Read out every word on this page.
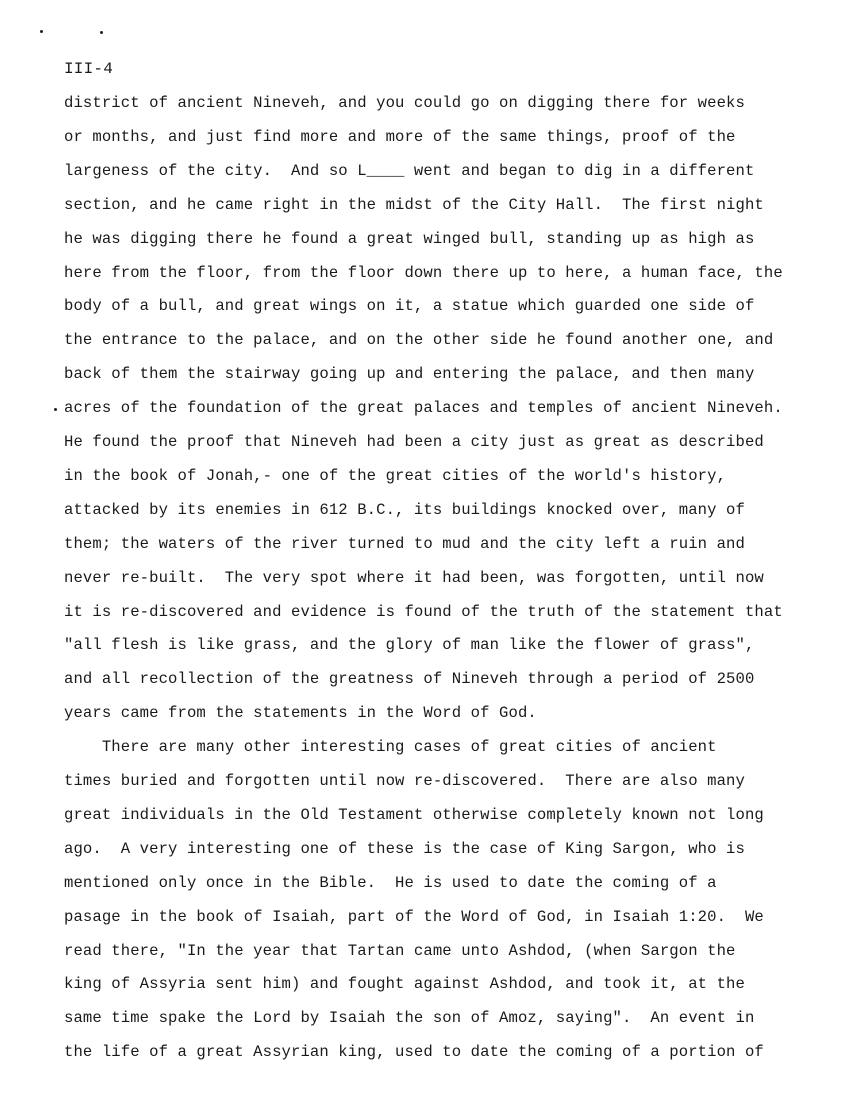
III-4
district of ancient Nineveh, and you could go on digging there for weeks
or months, and just find more and more of the same things, proof of the
largeness of the city.  And so L____ went and began to dig in a different
section, and he came right in the midst of the City Hall.  The first night
he was digging there he found a great winged bull, standing up as high as
here from the floor, from the floor down there up to here, a human face, the
body of a bull, and great wings on it, a statue which guarded one side of
the entrance to the palace, and on the other side he found another one, and
back of them the stairway going up and entering the palace, and then many
acres of the foundation of the great palaces and temples of ancient Nineveh.
He found the proof that Nineveh had been a city just as great as described
in the book of Jonah,- one of the great cities of the world's history,
attacked by its enemies in 612 B.C., its buildings knocked over, many of
them; the waters of the river turned to mud and the city left a ruin and
never re-built.  The very spot where it had been, was forgotten, until now
it is re-discovered and evidence is found of the truth of the statement that
"all flesh is like grass, and the glory of man like the flower of grass",
and all recollection of the greatness of Nineveh through a period of 2500
years came from the statements in the Word of God.
There are many other interesting cases of great cities of ancient
times buried and forgotten until now re-discovered.  There are also many
great individuals in the Old Testament otherwise completely known not long
ago.  A very interesting one of these is the case of King Sargon, who is
mentioned only once in the Bible.  He is used to date the coming of a
pasage in the book of Isaiah, part of the Word of God, in Isaiah 1:20.  We
read there, "In the year that Tartan came unto Ashdod, (when Sargon the
king of Assyria sent him) and fought against Ashdod, and took it, at the
same time spake the Lord by Isaiah the son of Amoz, saying".  An event in
the life of a great Assyrian king, used to date the coming of a portion of
